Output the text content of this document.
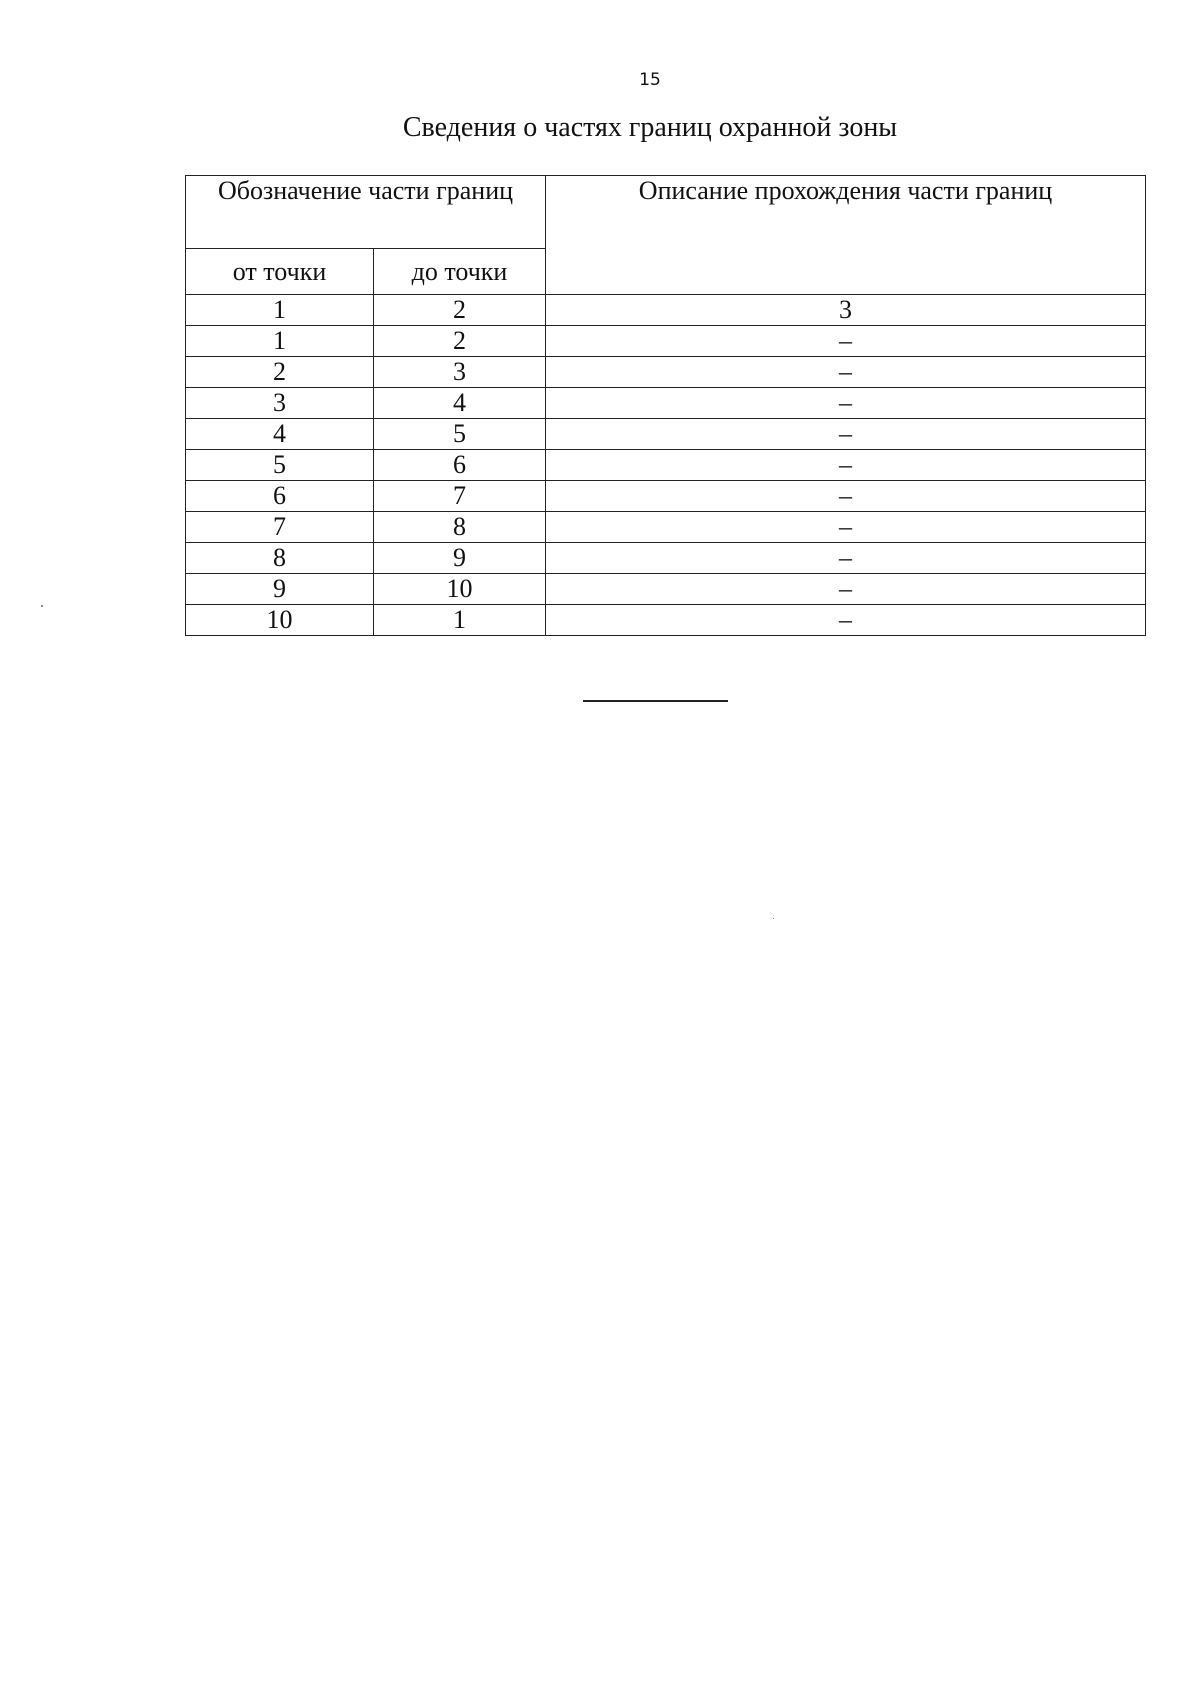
15
Сведения о частях границ охранной зоны
Обозначение части границ		Описание прохождения части границ
от точки	до точки	
1	2	3
1	2	–
2	3	–
3	4	–
4	5	–
5	6	–
6	7	–
7	8	–
8	9	–
9	10	–
10	1	–
